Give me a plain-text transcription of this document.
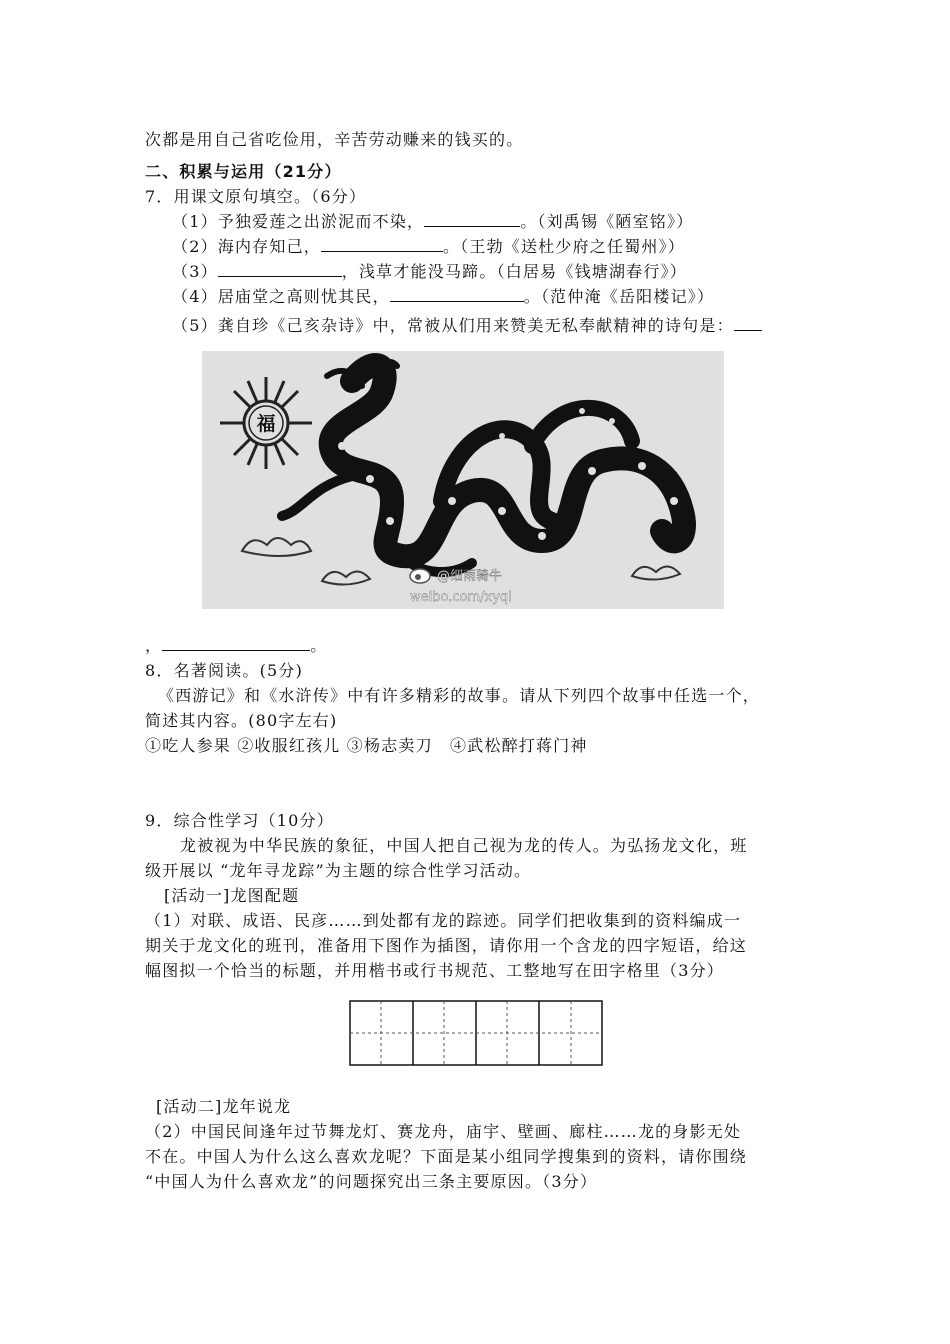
次都是用自己省吃俭用，辛苦劳动赚来的钱买的。
二、积累与运用（21分）
7．用课文原句填空。（6分）
（1）予独爱莲之出淤泥而不染，	。（刘禹锡《陋室铭》）
（2）海内存知己，	。（王勃《送杜少府之任蜀州》）
（3）	，浅草才能没马蹄。（白居易《钱塘湖春行》）
（4）居庙堂之高则忧其民，	。（范仲淹《岳阳楼记》）
（5）龚自珍《己亥杂诗》中，常被从们用来赞美无私奉献精神的诗句是：
福
@细雨骑牛
weibo.com/xyql
，	。
8．名著阅读。(5分)
《西游记》和《水浒传》中有许多精彩的故事。请从下列四个故事中任选一个，
简述其内容。(80字左右)
①吃人参果 ②收服红孩儿 ③杨志卖刀　④武松醉打蒋门神
9．综合性学习（10分）
龙被视为中华民族的象征，中国人把自己视为龙的传人。为弘扬龙文化，班
级开展以 “龙年寻龙踪”为主题的综合性学习活动。
[活动一]龙图配题
（1）对联、成语、民彦……到处都有龙的踪迹。同学们把收集到的资料编成一
期关于龙文化的班刊，准备用下图作为插图，请你用一个含龙的四字短语，给这
幅图拟一个恰当的标题，并用楷书或行书规范、工整地写在田字格里（3分）
[活动二]龙年说龙
（2）中国民间逢年过节舞龙灯、赛龙舟，庙宇、壁画、廊柱……龙的身影无处
不在。中国人为什么这么喜欢龙呢？下面是某小组同学搜集到的资料，请你围绕
“中国人为什么喜欢龙”的问题探究出三条主要原因。（3分）
